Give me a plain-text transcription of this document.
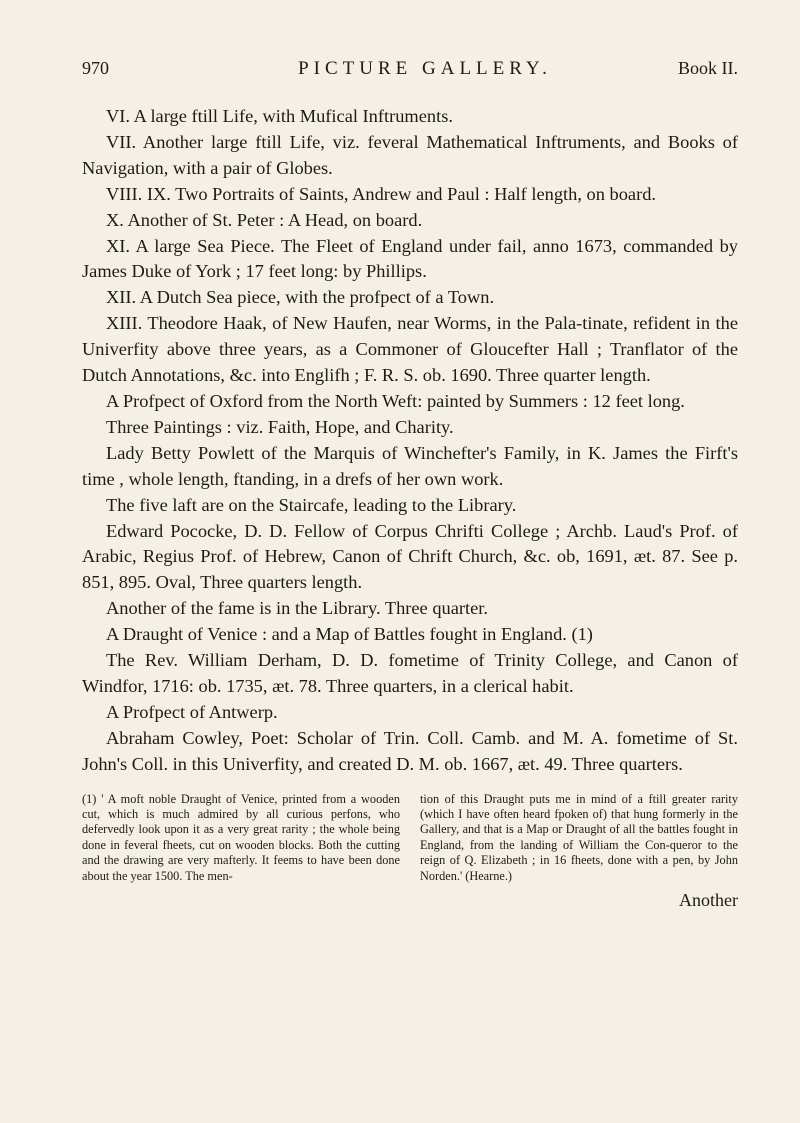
970	PICTURE GALLERY.	Book II.

VI. A large ftill Life, with Mufical Inftruments.

VII. Another large ftill Life, viz. feveral Mathematical Inftruments, and Books of Navigation, with a pair of Globes.

VIII. IX. Two Portraits of Saints, Andrew and Paul : Half length, on board.

X. Another of St. Peter : A Head, on board.

XI. A large Sea Piece. The Fleet of England under fail, anno 1673, commanded by James Duke of York ; 17 feet long: by Phillips.

XII. A Dutch Sea piece, with the profpect of a Town.

XIII. Theodore Haak, of New Haufen, near Worms, in the Pala-tinate, refident in the Univerfity above three years, as a Commoner of Gloucefter Hall ; Tranflator of the Dutch Annotations, &c. into Englifh ; F. R. S. ob. 1690. Three quarter length.

A Profpect of Oxford from the North Weft: painted by Summers : 12 feet long.

Three Paintings : viz. Faith, Hope, and Charity.

Lady Betty Powlett of the Marquis of Winchefter's Family, in K. James the Firft's time , whole length, ftanding, in a drefs of her own work.

The five laft are on the Staircafe, leading to the Library.

Edward Pococke, D. D. Fellow of Corpus Chrifti College ; Archb. Laud's Prof. of Arabic, Regius Prof. of Hebrew, Canon of Chrift Church, &c. ob, 1691, æt. 87. See p. 851, 895. Oval, Three quarters length.

Another of the fame is in the Library. Three quarter.

A Draught of Venice : and a Map of Battles fought in England. (1)

The Rev. William Derham, D. D. fometime of Trinity College, and Canon of Windfor, 1716: ob. 1735, æt. 78. Three quarters, in a clerical habit.

A Profpect of Antwerp.

Abraham Cowley, Poet: Scholar of Trin. Coll. Camb. and M. A. fometime of St. John's Coll. in this Univerfity, and created D. M. ob. 1667, æt. 49. Three quarters.

(1) ' A moft noble Draught of Venice, printed from a wooden cut, which is much admired by all curious perfons, who defervedly look upon it as a very great rarity ; the whole being done in feveral fheets, cut on wooden blocks. Both the cutting and the drawing are very mafterly. It feems to have been done about the year 1500. The men-
tion of this Draught puts me in mind of a ftill greater rarity (which I have often heard fpoken of) that hung formerly in the Gallery, and that is a Map or Draught of all the battles fought in England, from the landing of William the Con-queror to the reign of Q. Elizabeth ; in 16 fheets, done with a pen, by John Norden.' (Hearne.)
Another
